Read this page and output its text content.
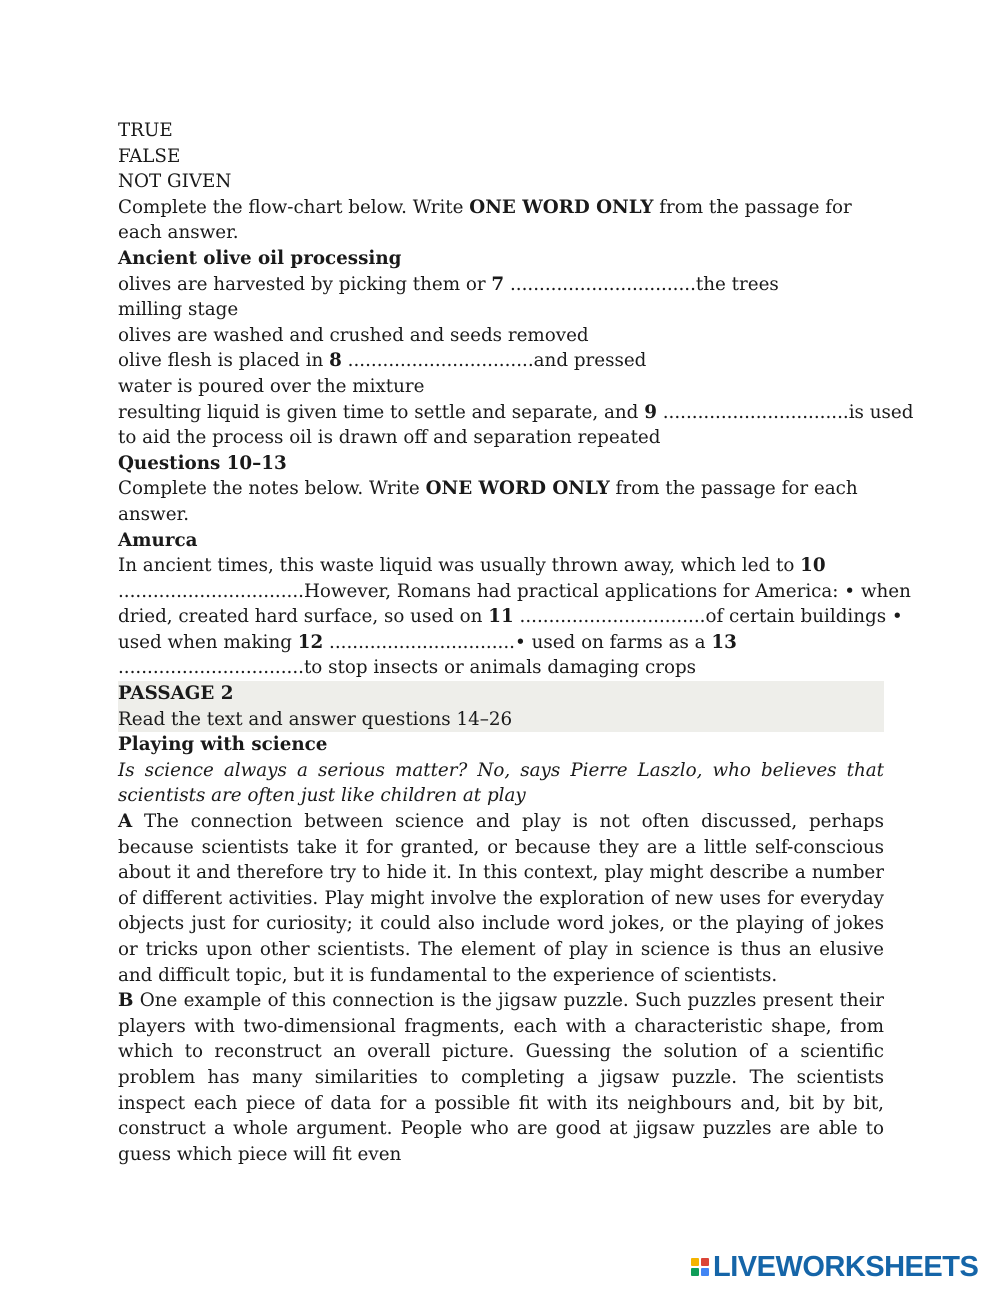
TRUE
FALSE
NOT GIVEN
Complete the flow-chart below. Write ONE WORD ONLY from the passage for
each answer.
Ancient olive oil processing
olives are harvested by picking them or 7 ................................the trees
milling stage
olives are washed and crushed and seeds removed
olive flesh is placed in 8 ................................and pressed
water is poured over the mixture
resulting liquid is given time to settle and separate, and 9 ................................is used
to aid the process oil is drawn off and separation repeated
Questions 10–13
Complete the notes below. Write ONE WORD ONLY from the passage for each
answer.
Amurca
In ancient times, this waste liquid was usually thrown away, which led to 10
................................However, Romans had practical applications for America: • when
dried, created hard surface, so used on 11 ................................of certain buildings •
used when making 12 ................................• used on farms as a 13
................................to stop insects or animals damaging crops
PASSAGE 2
Read the text and answer questions 14–26
Playing with science
Is science always a serious matter? No, says Pierre Laszlo, who believes that scientists are often just like children at play
A The connection between science and play is not often discussed, perhaps because scientists take it for granted, or because they are a little self-conscious about it and therefore try to hide it. In this context, play might describe a number of different activities. Play might involve the exploration of new uses for everyday objects just for curiosity; it could also include word jokes, or the playing of jokes or tricks upon other scientists. The element of play in science is thus an elusive and difficult topic, but it is fundamental to the experience of scientists.
B One example of this connection is the jigsaw puzzle. Such puzzles present their players with two-dimensional fragments, each with a characteristic shape, from which to reconstruct an overall picture. Guessing the solution of a scientific problem has many similarities to completing a jigsaw puzzle. The scientists inspect each piece of data for a possible fit with its neighbours and, bit by bit, construct a whole argument. People who are good at jigsaw puzzles are able to guess which piece will fit even
LIVEWORKSHEETS
